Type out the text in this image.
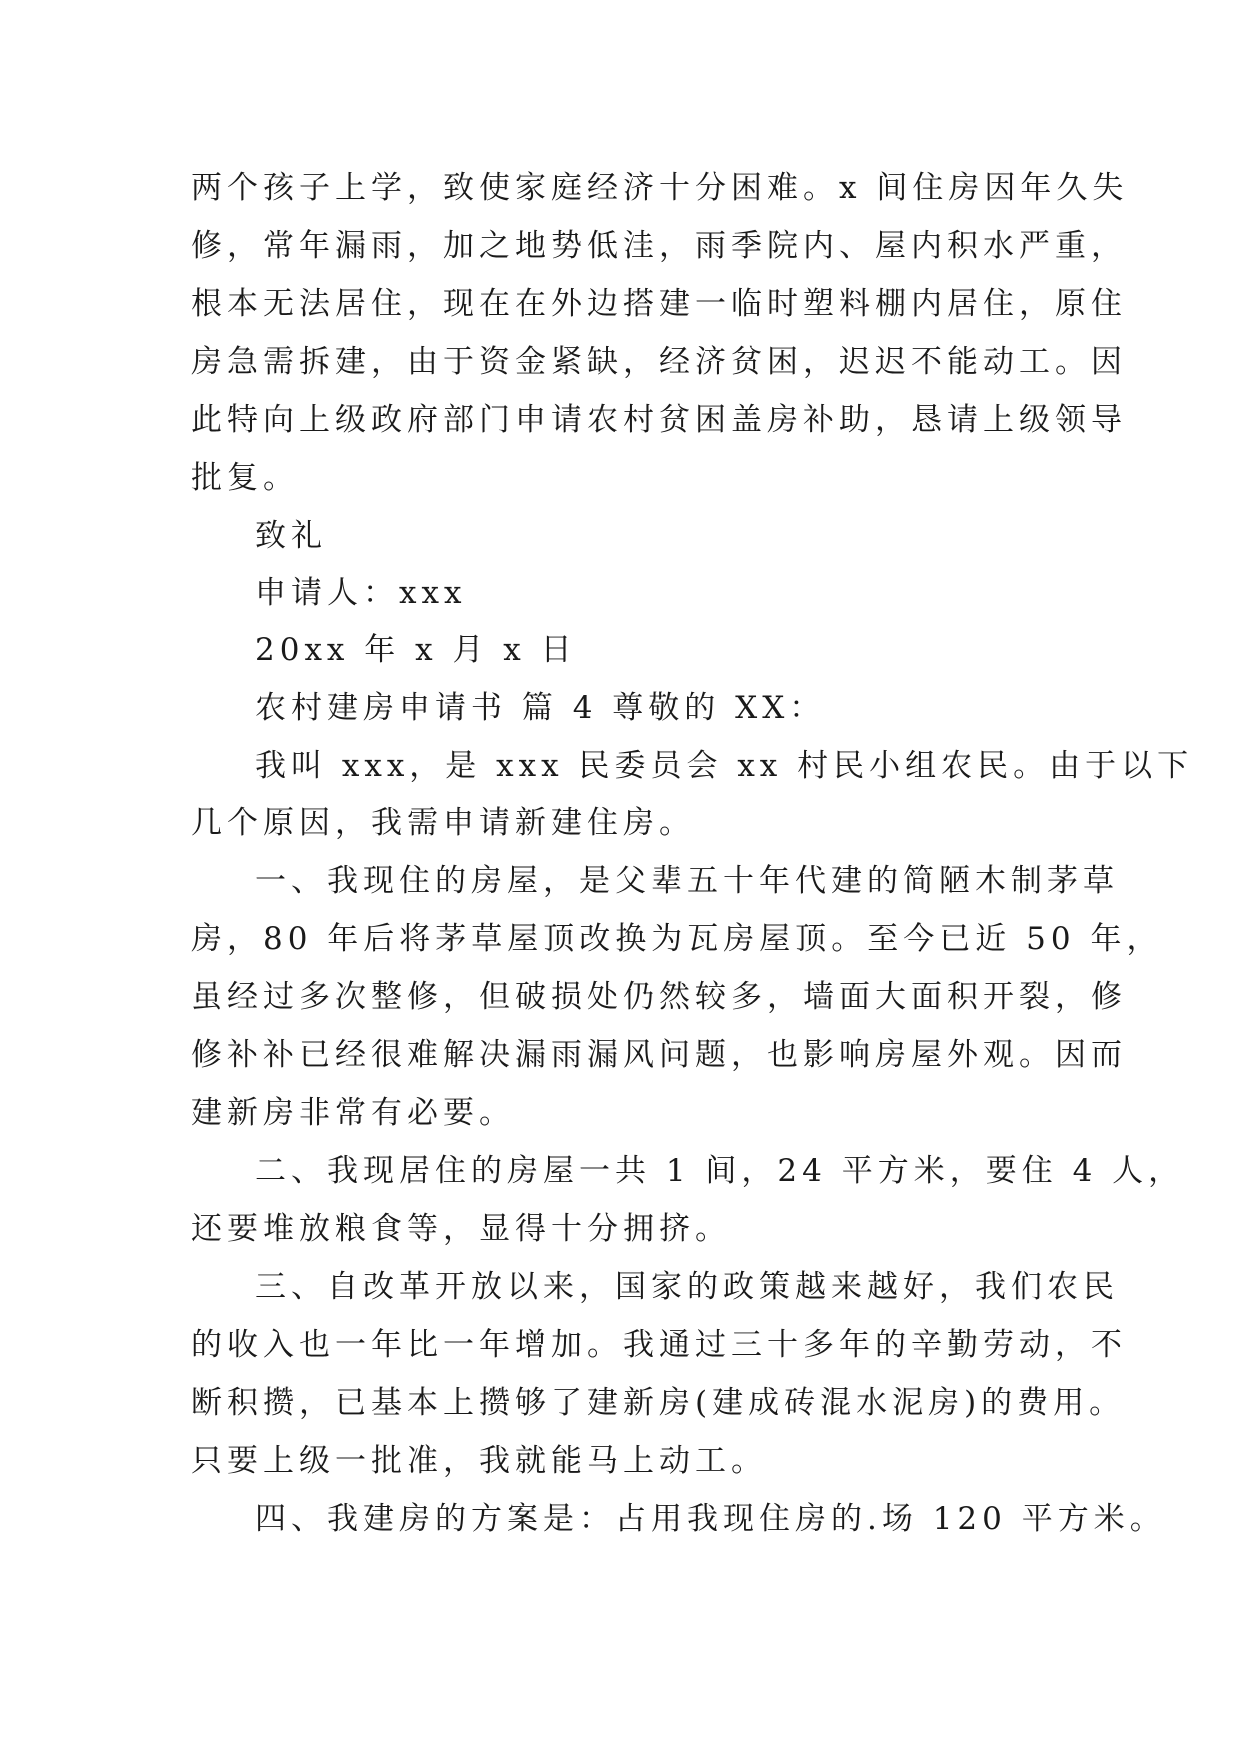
两个孩子上学，致使家庭经济十分困难。x 间住房因年久失
修，常年漏雨，加之地势低洼，雨季院内、屋内积水严重，
根本无法居住，现在在外边搭建一临时塑料棚内居住，原住
房急需拆建，由于资金紧缺，经济贫困，迟迟不能动工。因
此特向上级政府部门申请农村贫困盖房补助，恳请上级领导
批复。
致礼
申请人：xxx
20xx 年 x 月 x 日
农村建房申请书 篇 4 尊敬的 XX：
我叫 xxx，是 xxx 民委员会 xx 村民小组农民。由于以下
几个原因，我需申请新建住房。
一、我现住的房屋，是父辈五十年代建的简陋木制茅草
房，80 年后将茅草屋顶改换为瓦房屋顶。至今已近 50 年，
虽经过多次整修，但破损处仍然较多，墙面大面积开裂，修
修补补已经很难解决漏雨漏风问题，也影响房屋外观。因而
建新房非常有必要。
二、我现居住的房屋一共 1 间，24 平方米，要住 4 人，
还要堆放粮食等，显得十分拥挤。
三、自改革开放以来，国家的政策越来越好，我们农民
的收入也一年比一年增加。我通过三十多年的辛勤劳动，不
断积攒，已基本上攒够了建新房(建成砖混水泥房)的费用。
只要上级一批准，我就能马上动工。
四、我建房的方案是：占用我现住房的.场 120 平方米。
